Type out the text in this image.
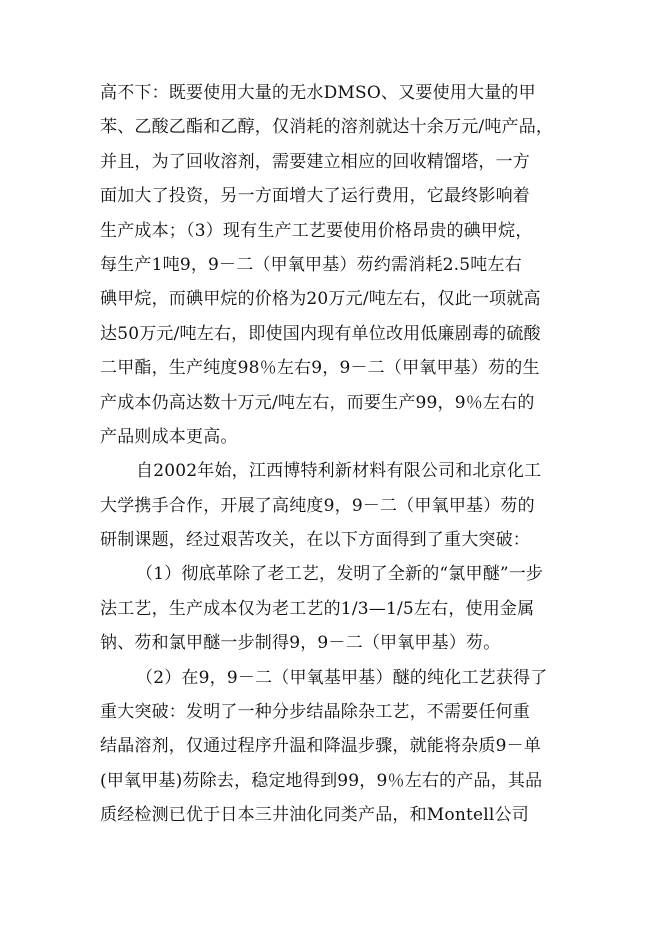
高不下：既要使用大量的无水DMSO、又要使用大量的甲
苯、乙酸乙酯和乙醇，仅消耗的溶剂就达十余万元/吨产品，
并且，为了回收溶剂，需要建立相应的回收精馏塔，一方
面加大了投资，另一方面增大了运行费用，它最终影响着
生产成本；（3）现有生产工艺要使用价格昂贵的碘甲烷，
每生产1吨9，9－二（甲氧甲基）芴约需消耗2.5吨左右
碘甲烷，而碘甲烷的价格为20万元/吨左右，仅此一项就高
达50万元/吨左右，即使国内现有单位改用低廉剧毒的硫酸
二甲酯，生产纯度98％左右9，9－二（甲氧甲基）芴的生
产成本仍高达数十万元/吨左右，而要生产99，9％左右的
产品则成本更高。
自2002年始，江西博特利新材料有限公司和北京化工
大学携手合作，开展了高纯度9，9－二（甲氧甲基）芴的
研制课题，经过艰苦攻关，在以下方面得到了重大突破：
（1）彻底革除了老工艺，发明了全新的“氯甲醚”一步
法工艺，生产成本仅为老工艺的1/3—1/5左右，使用金属
钠、芴和氯甲醚一步制得9，9－二（甲氧甲基）芴。
（2）在9，9－二（甲氧基甲基）醚的纯化工艺获得了
重大突破：发明了一种分步结晶除杂工艺，不需要任何重
结晶溶剂，仅通过程序升温和降温步骤，就能将杂质9－单
(甲氧甲基)芴除去，稳定地得到99，9％左右的产品，其品
质经检测已优于日本三井油化同类产品，和Montell公司
